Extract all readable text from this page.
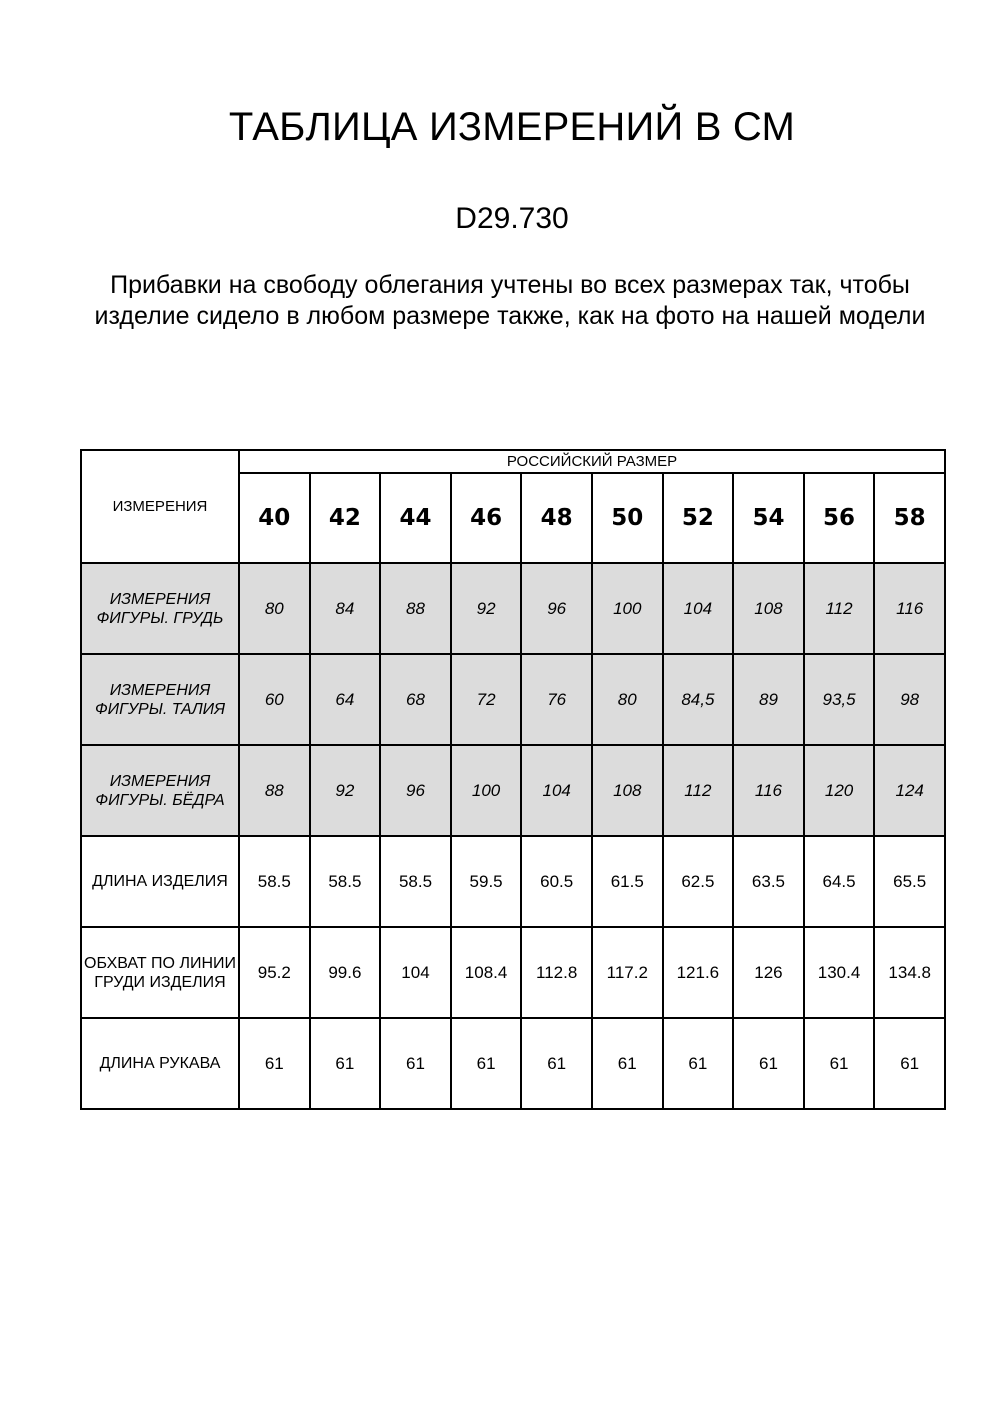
ТАБЛИЦА ИЗМЕРЕНИЙ В СМ
D29.730
Прибавки на свободу облегания учтены во всех размерах так, чтобы изделие сидело в любом размере также, как на фото на нашей модели
ИЗМЕРЕНИЯ	РОССИЙСКИЙ РАЗМЕР									
	40	42	44	46	48	50	52	54	56	58
ИЗМЕРЕНИЯ ФИГУРЫ. ГРУДЬ	80	84	88	92	96	100	104	108	112	116
ИЗМЕРЕНИЯ ФИГУРЫ. ТАЛИЯ	60	64	68	72	76	80	84,5	89	93,5	98
ИЗМЕРЕНИЯ ФИГУРЫ. БЁДРА	88	92	96	100	104	108	112	116	120	124
ДЛИНА ИЗДЕЛИЯ	58.5	58.5	58.5	59.5	60.5	61.5	62.5	63.5	64.5	65.5
ОБХВАТ ПО ЛИНИИ ГРУДИ ИЗДЕЛИЯ	95.2	99.6	104	108.4	112.8	117.2	121.6	126	130.4	134.8
ДЛИНА РУКАВА	61	61	61	61	61	61	61	61	61	61
